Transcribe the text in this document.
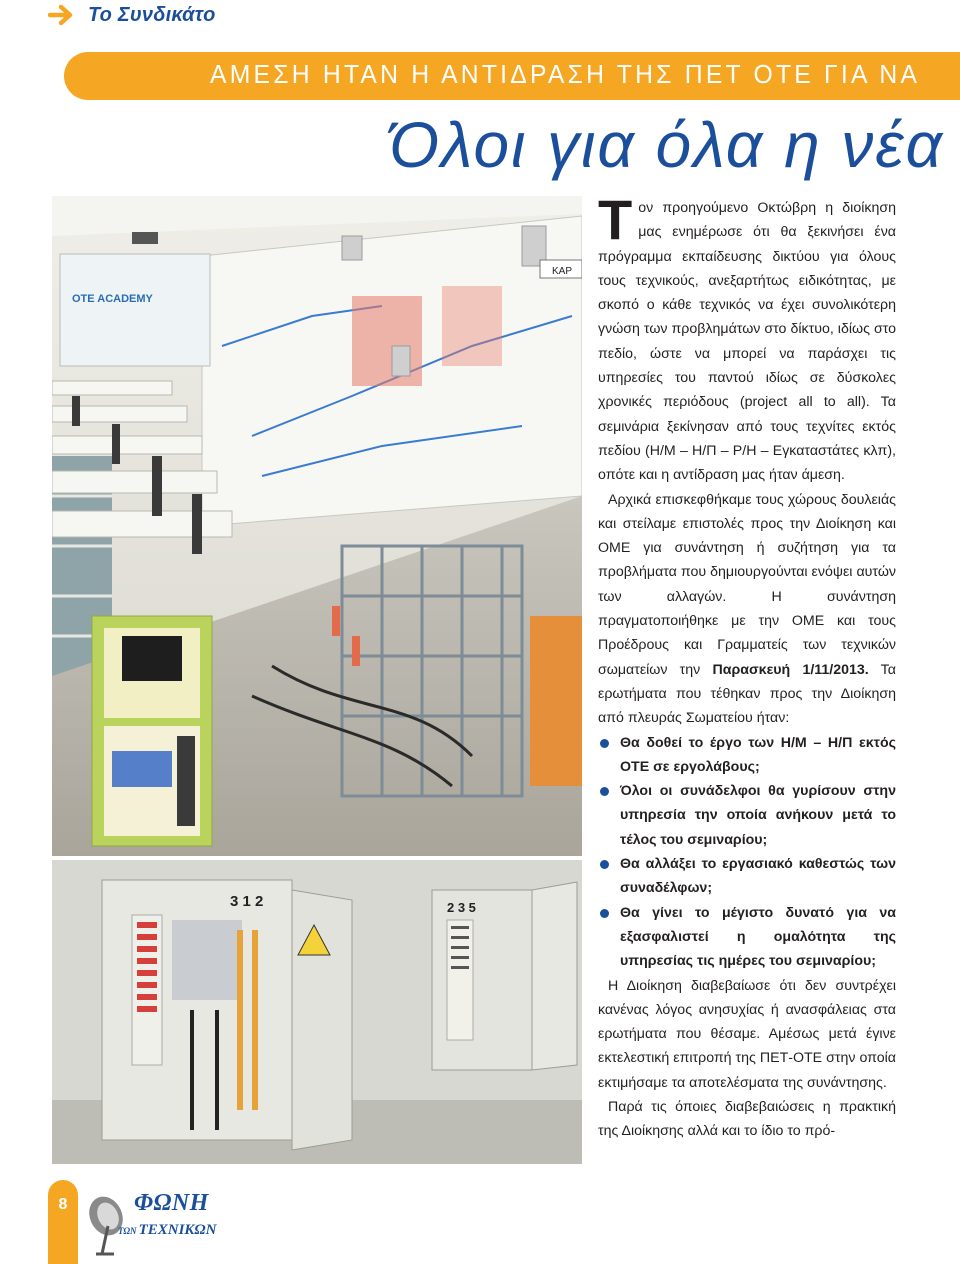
Το Συνδικάτο
ΑΜΕΣΗ ΗΤΑΝ Η ΑΝΤΙΔΡΑΣΗ ΤΗΣ ΠΕΤ ΟΤΕ ΓΙΑ ΝΑ
Όλοι για όλα η νέα
ΚΑΡ
OTE ACADEMY
3 1 2	2 3 5

Τον προηγούμενο Οκτώβρη η διοίκηση μας ενημέρωσε ότι θα ξεκινήσει ένα πρόγραμμα εκπαίδευσης δικτύου για όλους τους τεχνικούς, ανεξαρτήτως ειδικότητας, με σκοπό ο κάθε τεχνικός να έχει συνολικότερη γνώση των προβλημάτων στο δίκτυο, ιδίως στο πεδίο, ώστε να μπορεί να παράσχει τις υπηρεσίες του παντού ιδίως σε δύσκολες χρονικές περιόδους (project all to all). Τα σεμινάρια ξεκίνησαν από τους τεχνίτες εκτός πεδίου (Η/Μ – Η/Π – Ρ/Η – Εγκαταστάτες κλπ), οπότε και η αντίδραση μας ήταν άμεση.

Αρχικά επισκεφθήκαμε τους χώρους δουλειάς και στείλαμε επιστολές προς την Διοίκηση και ΟΜΕ για συνάντηση ή συζήτηση για τα προβλήματα που δημιουργούνται ενόψει αυτών των αλλαγών. Η συνάντηση πραγματοποιήθηκε με την ΟΜΕ και τους Προέδρους και Γραμματείς των τεχνικών σωματείων την Παρασκευή 1/11/2013. Τα ερωτήματα που τέθηκαν προς την Διοίκηση από πλευράς Σωματείου ήταν:

Θα δοθεί το έργο των Η/Μ – Η/Π εκτός ΟΤΕ σε εργολάβους;
Όλοι οι συνάδελφοι θα γυρίσουν στην υπηρεσία την οποία ανήκουν μετά το τέλος του σεμιναρίου;
Θα αλλάξει το εργασιακό καθεστώς των συναδέλφων;
Θα γίνει το μέγιστο δυνατό για να εξασφαλιστεί η ομαλότητα της υπηρεσίας τις ημέρες του σεμιναρίου;

Η Διοίκηση διαβεβαίωσε ότι δεν συντρέχει κανένας λόγος ανησυχίας ή ανασφάλειας στα ερωτήματα που θέσαμε. Αμέσως μετά έγινε εκτελεστική επιτροπή της ΠΕΤ-ΟΤΕ στην οποία εκτιμήσαμε τα αποτελέσματα της συνάντησης.

Παρά τις όποιες διαβεβαιώσεις η πρακτική της Διοίκησης αλλά και το ίδιο το πρό-

8	ΦΩΝΗ
ΤΩΝ ΤΕΧΝΙΚΩΝ
